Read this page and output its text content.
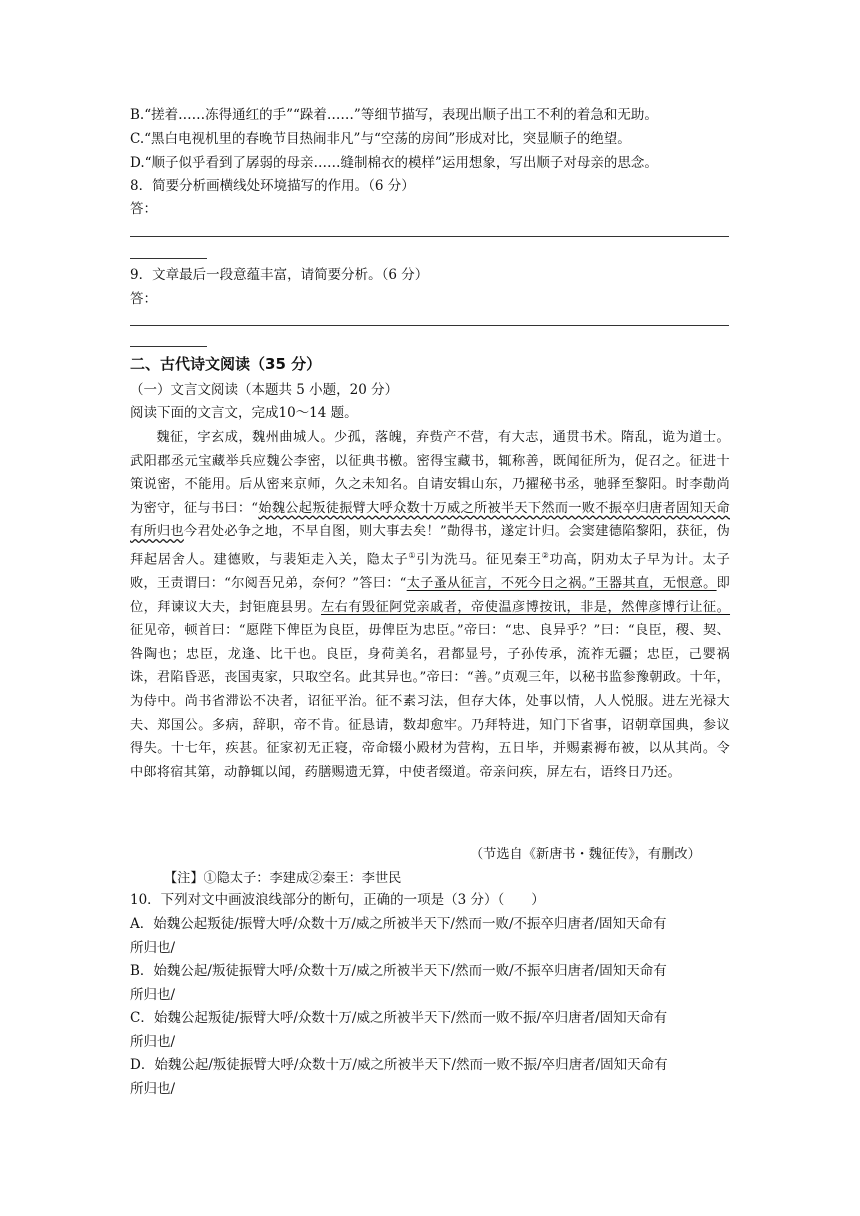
B.“搓着……冻得通红的手”“跺着……”等细节描写，表现出顺子出工不利的着急和无助。
C.“黑白电视机里的春晚节目热闹非凡”与“空荡的房间”形成对比，突显顺子的绝望。
D.“顺子似乎看到了孱弱的母亲……缝制棉衣的模样”运用想象，写出顺子对母亲的思念。
8．简要分析画横线处环境描写的作用。（6 分）
答：
9．文章最后一段意蕴丰富，请简要分析。（6 分）
答：
二、古代诗文阅读（35 分）
（一）文言文阅读（本题共 5 小题，20 分）
阅读下面的文言文，完成10～14 题。

魏征，字玄成，魏州曲城人。少孤，落魄，弃赀产不营，有大志，通贯书术。隋乱，诡为道士。武阳郡丞元宝藏举兵应魏公李密，以征典书檄。密得宝藏书，辄称善，既闻征所为，促召之。征进十策说密，不能用。后从密来京师，久之未知名。自请安辑山东，乃擢秘书丞，驰驿至黎阳。时李勣尚为密守，征与书曰：“始魏公起叛徒振臂大呼众数十万威之所被半天下然而一败不振卒归唐者固知天命有所归也今君处必争之地，不早自图，则大事去矣！”勣得书，遂定计归。会窦建德陷黎阳，获征，伪拜起居舍人。建德败，与裴矩走入关，隐太子①引为洗马。征见秦王②功高，阴劝太子早为计。太子败，王责谓曰：“尔阅吾兄弟，奈何？”答曰：“太子蚤从征言，不死今日之祸。”王器其直，无恨意。即位，拜谏议大夫，封钜鹿县男。左右有毁征阿党亲戚者，帝使温彦博按讯，非是，然俾彦博行让征。征见帝，顿首曰：“愿陛下俾臣为良臣，毋俾臣为忠臣。”帝曰：“忠、良异乎？”曰：“良臣，稷、契、咎陶也；忠臣，龙逢、比干也。良臣，身荷美名，君都显号，子孙传承，流祚无疆；忠臣，己婴祸诛，君陷昏恶，丧国夷家，只取空名。此其异也。”帝曰：“善。”贞观三年，以秘书监参豫朝政。十年，为侍中。尚书省滞讼不决者，诏征平治。征不素习法，但存大体，处事以情，人人悦服。进左光禄大夫、郑国公。多病，辞职，帝不肯。征恳请，数却愈牢。乃拜特进，知门下省事，诏朝章国典，参议得失。十七年，疾甚。征家初无正寝，帝命辍小殿材为营构，五日毕，并赐素褥布被，以从其尚。令中郎将宿其第，动静辄以闻，药膳赐遗无算，中使者缀道。帝亲问疾，屏左右，语终日乃还。

（节选自《新唐书・魏征传》，有删改）
【注】①隐太子：李建成②秦王：李世民
10．下列对文中画波浪线部分的断句，正确的一项是（3 分）（　　）
A．始魏公起叛徒/振臂大呼/众数十万/威之所被半天下/然而一败/不振卒归唐者/固知天命有
所归也/
B．始魏公起/叛徒振臂大呼/众数十万/威之所被半天下/然而一败/不振卒归唐者/固知天命有
所归也/
C．始魏公起叛徒/振臂大呼/众数十万/威之所被半天下/然而一败不振/卒归唐者/固知天命有
所归也/
D．始魏公起/叛徒振臂大呼/众数十万/威之所被半天下/然而一败不振/卒归唐者/固知天命有
所归也/
